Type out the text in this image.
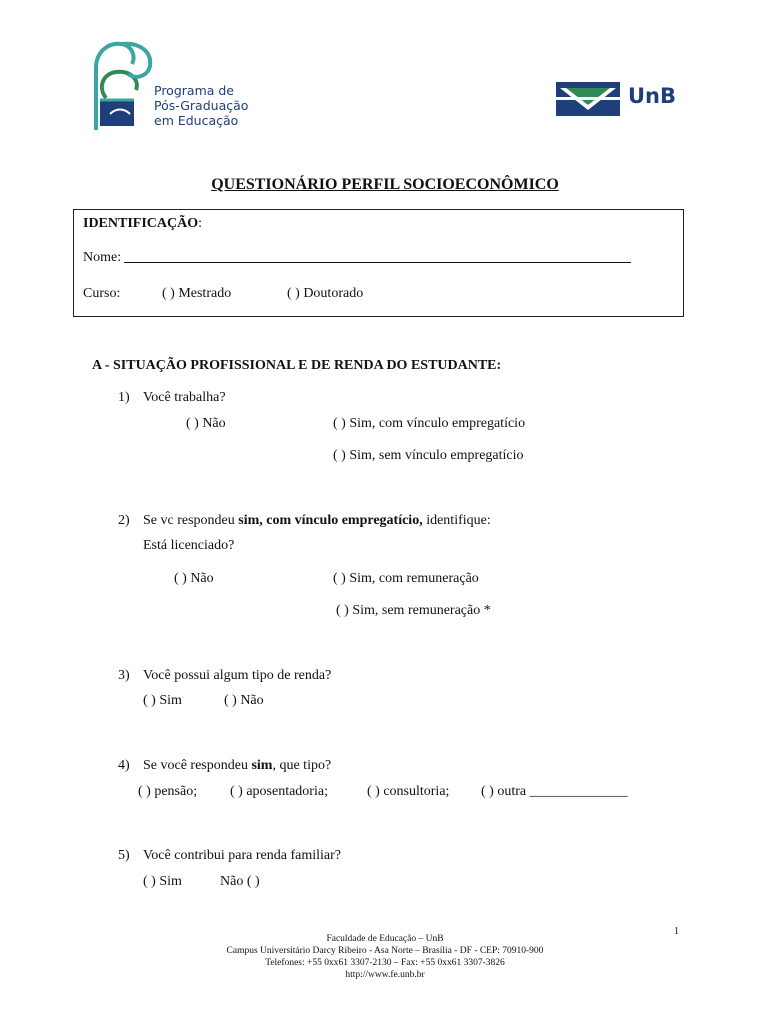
Programa de
Pós-Graduação
em Educação
UnB
QUESTIONÁRIO PERFIL SOCIOECONÔMICO
IDENTIFICAÇÃO:
Nome:
Curso:	( ) Mestrado	( ) Doutorado
A - SITUAÇÃO PROFISSIONAL E DE RENDA DO ESTUDANTE:
1) Você trabalha?
( ) Não	( ) Sim, com vínculo empregatício
( ) Sim, sem vínculo empregatício
2) Se vc respondeu sim, com vínculo empregatício, identifique:
Está licenciado?
( ) Não	( ) Sim, com remuneração
( ) Sim, sem remuneração *
3) Você possui algum tipo de renda?
( ) Sim	( ) Não
4) Se você respondeu sim, que tipo?
( ) pensão; ( ) aposentadoria;	( ) consultoria; ( ) outra ______________
5) Você contribui para renda familiar?
( ) Sim	Não ( )
1
Faculdade de Educação – UnB
Campus Universitário Darcy Ribeiro - Asa Norte – Brasília - DF - CEP: 70910-900
Telefones: +55 0xx61 3307-2130 – Fax: +55 0xx61 3307-3826
http://www.fe.unb.br
